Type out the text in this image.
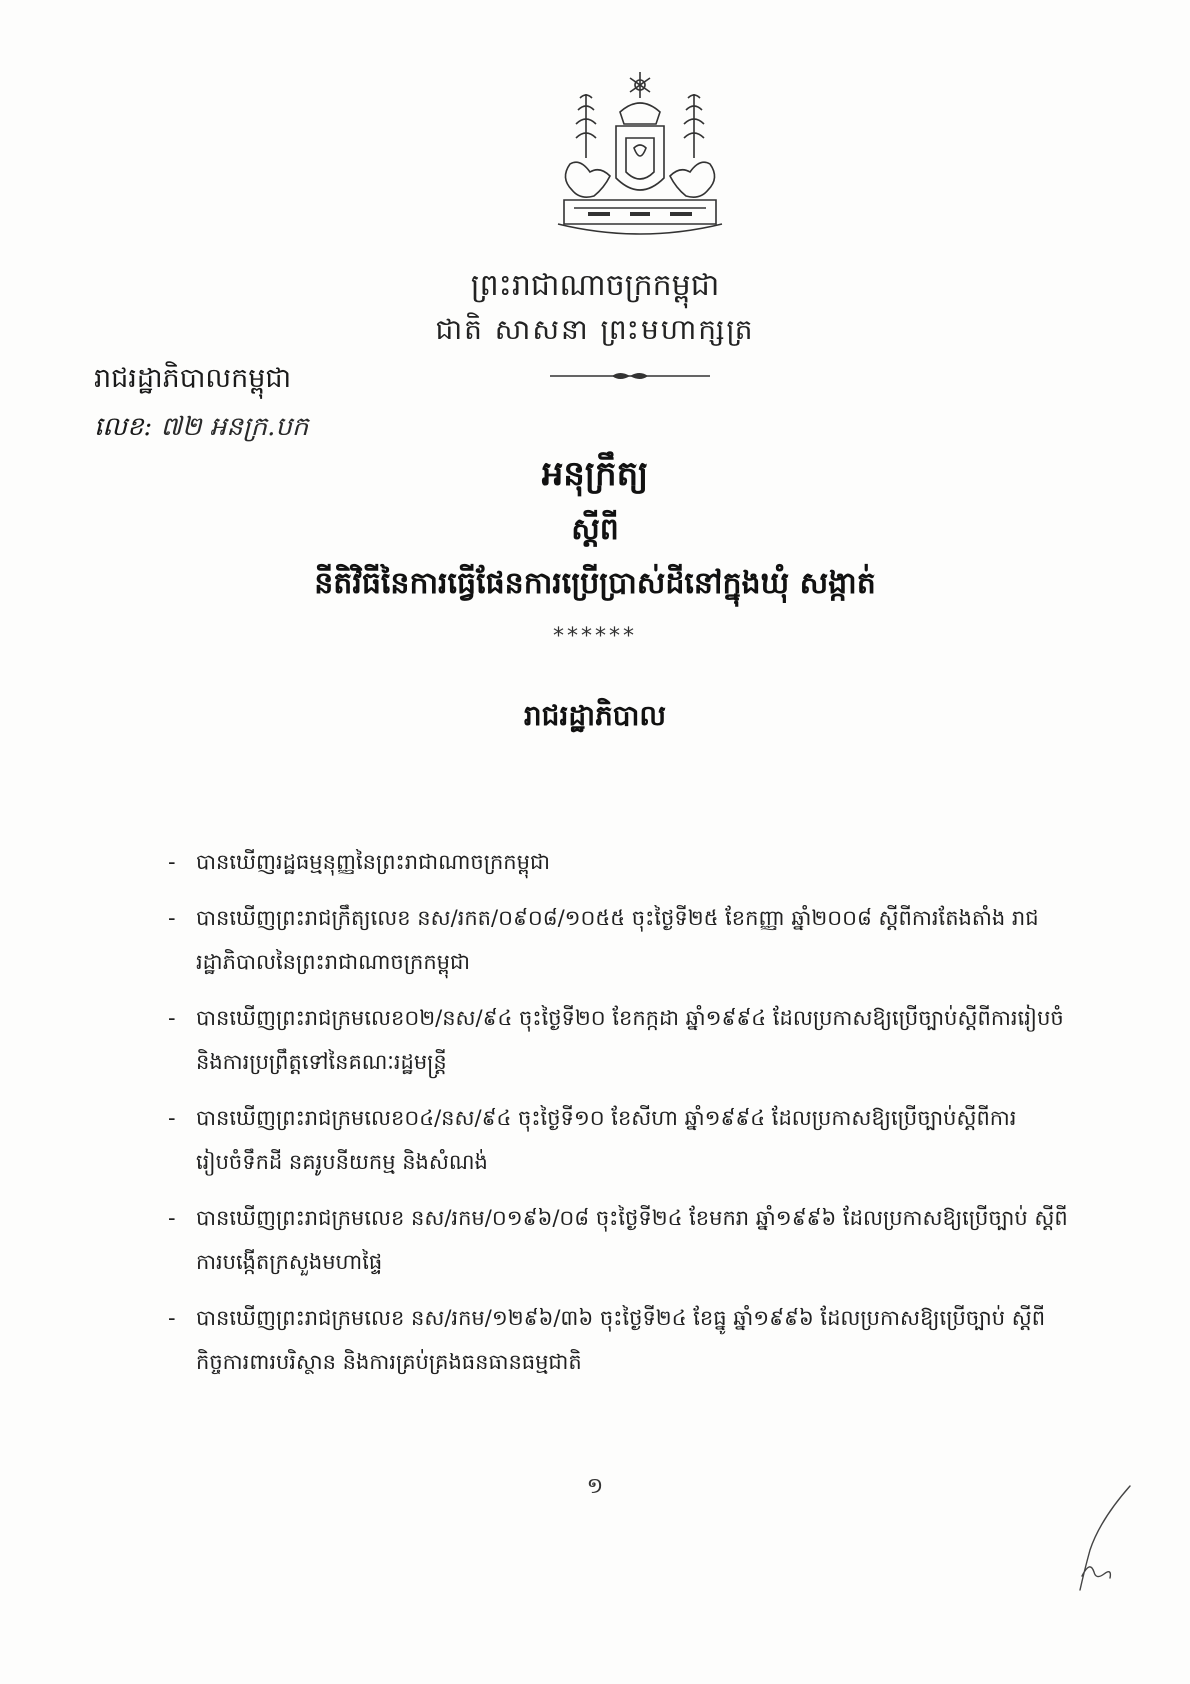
ព្រះរាជាណាចក្រកម្ពុជា
ជាតិ សាសនា ព្រះមហាក្សត្រ
រាជរដ្ឋាភិបាលកម្ពុជា
លេខ: ៧២ អនក្រ.បក
អនុក្រឹត្យ
ស្តីពី
នីតិវិធីនៃការធ្វើផែនការប្រើប្រាស់ដីនៅក្នុងឃុំ សង្កាត់
******
រាជរដ្ឋាភិបាល
- បានឃើញរដ្ឋធម្មនុញ្ញនៃព្រះរាជាណាចក្រកម្ពុជា
- បានឃើញព្រះរាជក្រឹត្យលេខ នស/រកត/០៩០៨/១០៥៥ ចុះថ្ងៃទី២៥ ខែកញ្ញា ឆ្នាំ២០០៨ ស្តីពីការតែងតាំង រាជរដ្ឋាភិបាលនៃព្រះរាជាណាចក្រកម្ពុជា
- បានឃើញព្រះរាជក្រមលេខ០២/នស/៩៤ ចុះថ្ងៃទី២០ ខែកក្កដា ឆ្នាំ១៩៩៤ ដែលប្រកាសឱ្យប្រើច្បាប់ស្តីពីការរៀបចំ និងការប្រព្រឹត្តទៅនៃគណៈរដ្ឋមន្ត្រី
- បានឃើញព្រះរាជក្រមលេខ០៤/នស/៩៤ ចុះថ្ងៃទី១០ ខែសីហា ឆ្នាំ១៩៩៤ ដែលប្រកាសឱ្យប្រើច្បាប់ស្តីពីការ រៀបចំទឹកដី នគរូបនីយកម្ម និងសំណង់
- បានឃើញព្រះរាជក្រមលេខ នស/រកម/០១៩៦/០៨ ចុះថ្ងៃទី២៤ ខែមករា ឆ្នាំ១៩៩៦ ដែលប្រកាសឱ្យប្រើច្បាប់ ស្តីពីការបង្កើតក្រសួងមហាផ្ទៃ
- បានឃើញព្រះរាជក្រមលេខ នស/រកម/១២៩៦/៣៦ ចុះថ្ងៃទី២៤ ខែធ្នូ ឆ្នាំ១៩៩៦ ដែលប្រកាសឱ្យប្រើច្បាប់ ស្តីពីកិច្ចការពារបរិស្ថាន និងការគ្រប់គ្រងធនធានធម្មជាតិ
១
